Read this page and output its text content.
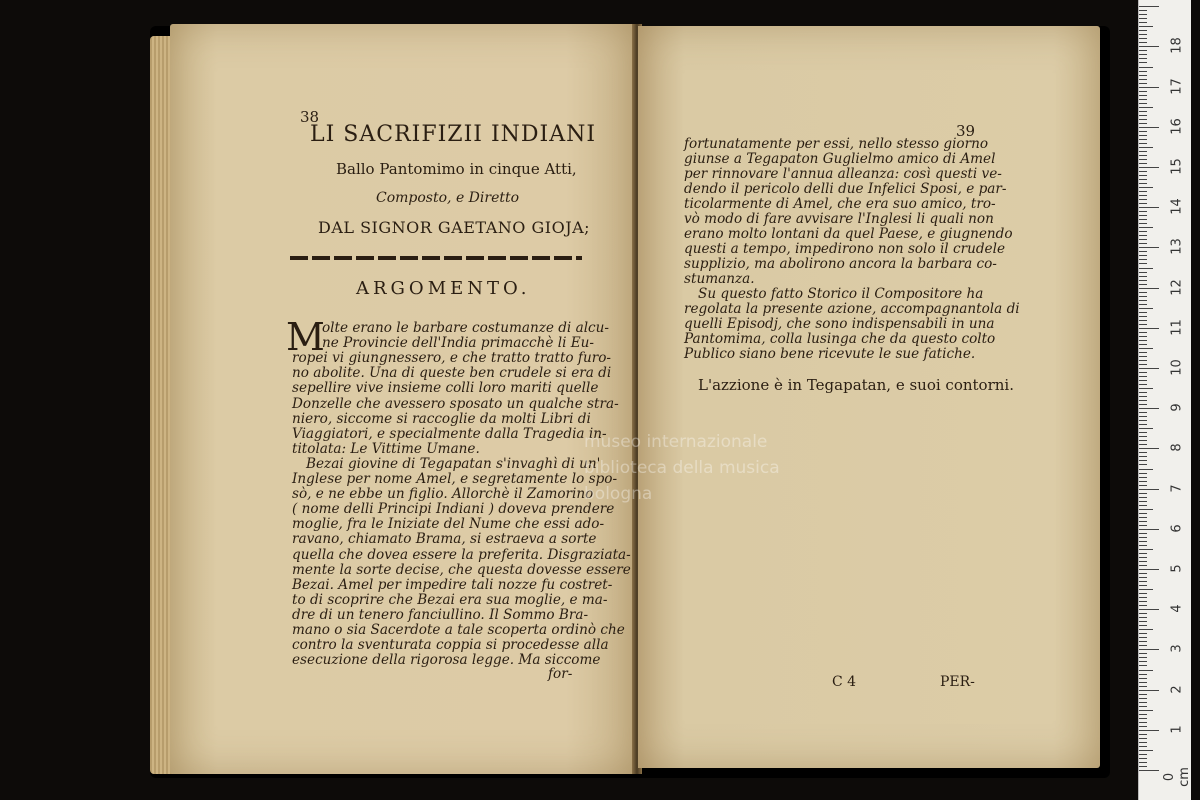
38
LI SACRIFIZII INDIANI
Ballo Pantomimo in cinque Atti,
Composto, e Diretto
DAL SIGNOR GAETANO GIOJA;
ARGOMENTO.
M
olte erano le barbare costumanze di alcu-
ne Provincie dell'India primacchè li Eu-
ropei vi giungnessero, e che tratto tratto furo-
no abolite. Una di queste ben crudele si era di
sepellire vive insieme colli loro mariti quelle
Donzelle che avessero sposato un qualche stra-
niero, siccome si raccoglie da molti Libri di
Viaggiatori, e specialmente dalla Tragedia in-
titolata: Le Vittime Umane.
Bezai giovine di Tegapatan s'invaghì di un'
Inglese per nome Amel, e segretamente lo spo-
sò, e ne ebbe un figlio. Allorchè il Zamorino
( nome delli Principi Indiani ) doveva prendere
moglie, fra le Iniziate del Nume che essi ado-
ravano, chiamato Brama, si estraeva a sorte
quella che dovea essere la preferita. Disgraziata-
mente la sorte decise, che questa dovesse essere
Bezai. Amel per impedire tali nozze fu costret-
to di scoprire che Bezai era sua moglie, e ma-
dre di un tenero fanciullino. Il Sommo Bra-
mano o sia Sacerdote a tale scoperta ordinò che
contro la sventurata coppia si procedesse alla
esecuzione della rigorosa legge. Ma siccome
for-
39
fortunatamente per essi, nello stesso giorno
giunse a Tegapaton Guglielmo amico di Amel
per rinnovare l'annua alleanza: così questi ve-
dendo il pericolo delli due Infelici Sposi, e par-
ticolarmente di Amel, che era suo amico, tro-
vò modo di fare avvisare l'Inglesi li quali non
erano molto lontani da quel Paese, e giugnendo
questi a tempo, impedirono non solo il crudele
supplizio, ma abolirono ancora la barbara co-
stumanza.
Su questo fatto Storico il Compositore ha
regolata la presente azione, accompagnantola di
quelli Episodj, che sono indispensabili in una
Pantomima, colla lusinga che da questo colto
Publico siano bene ricevute le sue fatiche.
L'azzione è in Tegapatan, e suoi contorni.
C 4	PER-
museo internazionale
biblioteca della musica
bologna
0 cm
1
2
3
4
5
6
7
8
9
10
11
12
13
14
15
16
17
18
